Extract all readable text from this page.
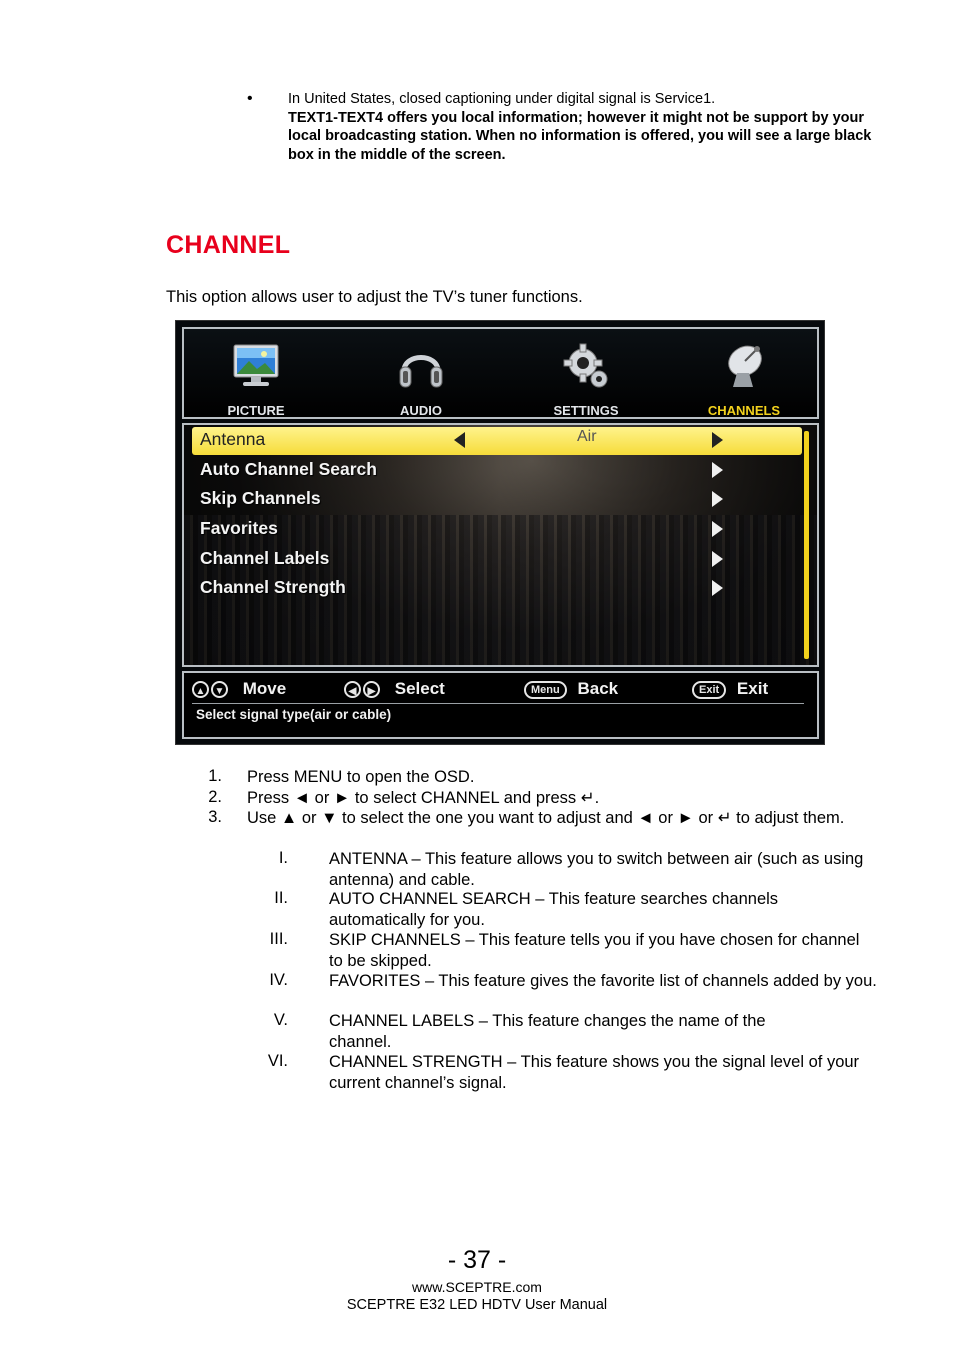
• In United States, closed captioning under digital signal is Service1.
TEXT1-TEXT4 offers you local information; however it might not be support by your local broadcasting station. When no information is offered, you will see a large black box in the middle of the screen.
CHANNEL
This option allows user to adjust the TV’s tuner functions.
PICTURE	AUDIO	SETTINGS	CHANNELS
Antenna	Air
Auto Channel Search
Skip Channels
Favorites
Channel Labels
Channel Strength
▲ ▼ Move	◀ ▶ Select	Menu Back	Exit Exit
Select signal type(air or cable)
1. Press MENU to open the OSD.
2. Press ◄ or ► to select CHANNEL and press ↵.
3. Use ▲ or ▼ to select the one you want to adjust and ◄ or ► or ↵ to adjust them.
I. ANTENNA – This feature allows you to switch between air (such as using antenna) and cable.
II. AUTO CHANNEL SEARCH – This feature searches channels automatically for you.
III. SKIP CHANNELS – This feature tells you if you have chosen for channel to be skipped.
IV. FAVORITES – This feature gives the favorite list of channels added by you.
V. CHANNEL LABELS – This feature changes the name of the channel.
VI. CHANNEL STRENGTH – This feature shows you the signal level of your current channel’s signal.
- 37 -
www.SCEPTRE.com
SCEPTRE E32 LED HDTV User Manual
